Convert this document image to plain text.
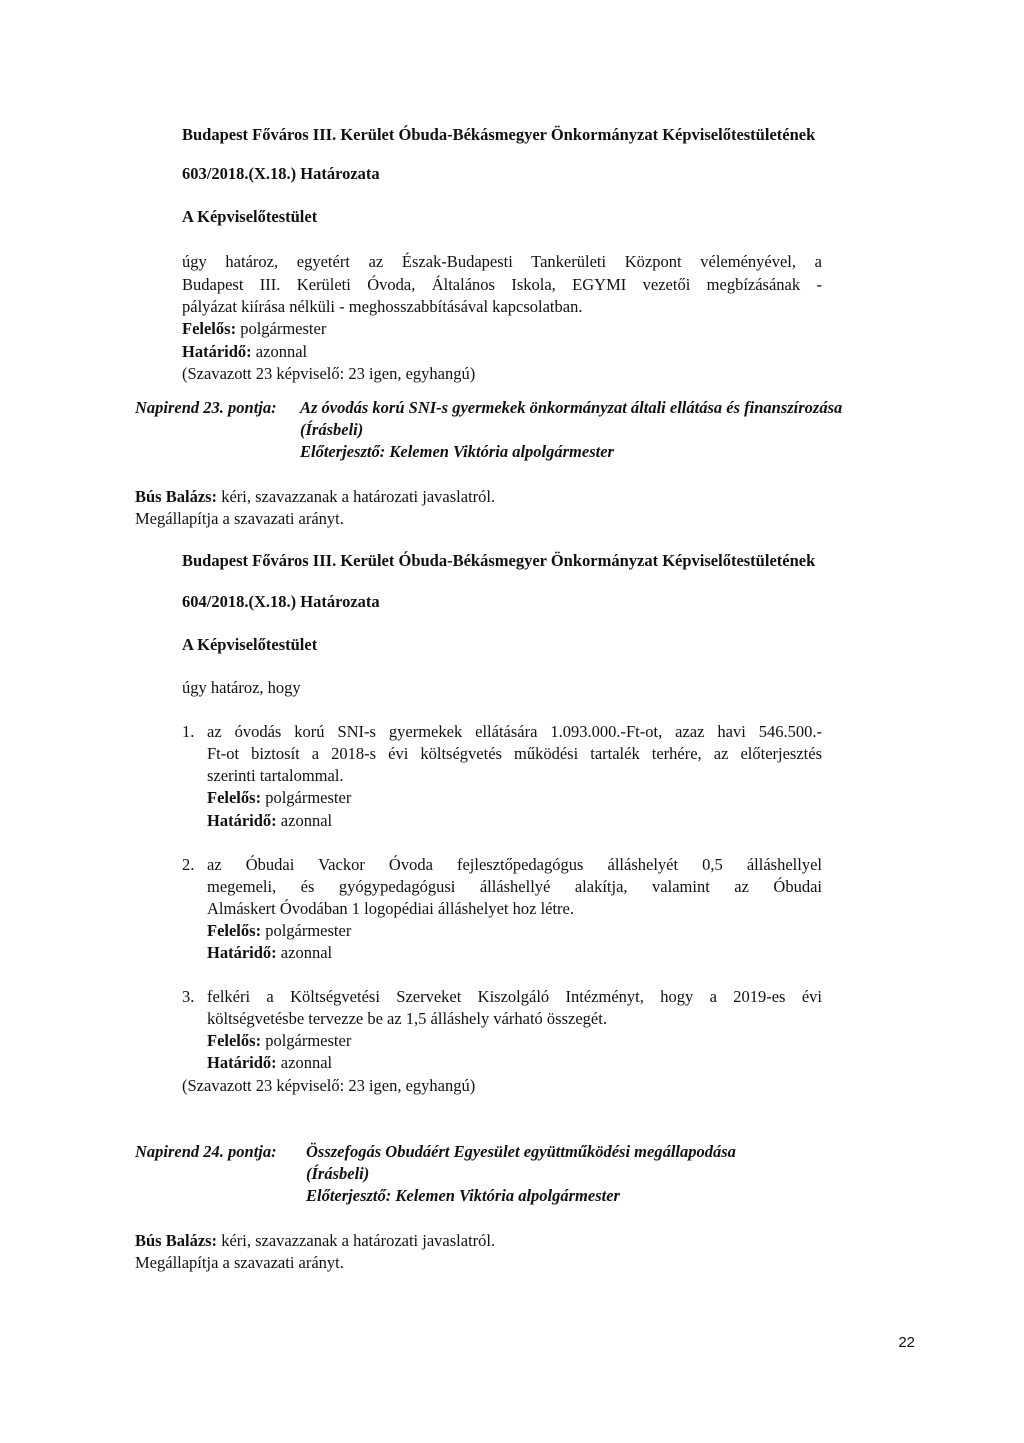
Budapest Főváros III. Kerület Óbuda-Békásmegyer Önkormányzat Képviselőtestületének
603/2018.(X.18.) Határozata
A Képviselőtestület
úgy határoz, egyetért az Észak-Budapesti Tankerületi Központ véleményével, a
Budapest III. Kerületi Óvoda, Általános Iskola, EGYMI vezetői megbízásának -
pályázat kiírása nélküli - meghosszabbításával kapcsolatban.
Felelős: polgármester
Határidő: azonnal
(Szavazott 23 képviselő: 23 igen, egyhangú)
Napirend 23. pontja: Az óvodás korú SNI-s gyermekek önkormányzat általi ellátása és finanszírozása
(Írásbeli)
Előterjesztő: Kelemen Viktória alpolgármester
Bús Balázs: kéri, szavazzanak a határozati javaslatról.
Megállapítja a szavazati arányt.
Budapest Főváros III. Kerület Óbuda-Békásmegyer Önkormányzat Képviselőtestületének
604/2018.(X.18.) Határozata
A Képviselőtestület
úgy határoz, hogy
1. az óvodás korú SNI-s gyermekek ellátására 1.093.000.-Ft-ot, azaz havi 546.500.-
Ft-ot biztosít a 2018-s évi költségvetés működési tartalék terhére, az előterjesztés
szerinti tartalommal.
Felelős: polgármester
Határidő: azonnal
2. az Óbudai Vackor Óvoda fejlesztőpedagógus álláshelyét 0,5 álláshellyel
megemeli, és gyógypedagógusi álláshellyé alakítja, valamint az Óbudai
Almáskert Óvodában 1 logopédiai álláshelyet hoz létre.
Felelős: polgármester
Határidő: azonnal
3. felkéri a Költségvetési Szerveket Kiszolgáló Intézményt, hogy a 2019-es évi
költségvetésbe tervezze be az 1,5 álláshely várható összegét.
Felelős: polgármester
Határidő: azonnal
(Szavazott 23 képviselő: 23 igen, egyhangú)
Napirend 24. pontja: Összefogás Obudáért Egyesület együttműködési megállapodása
(Írásbeli)
Előterjesztő: Kelemen Viktória alpolgármester
Bús Balázs: kéri, szavazzanak a határozati javaslatról.
Megállapítja a szavazati arányt.
22
